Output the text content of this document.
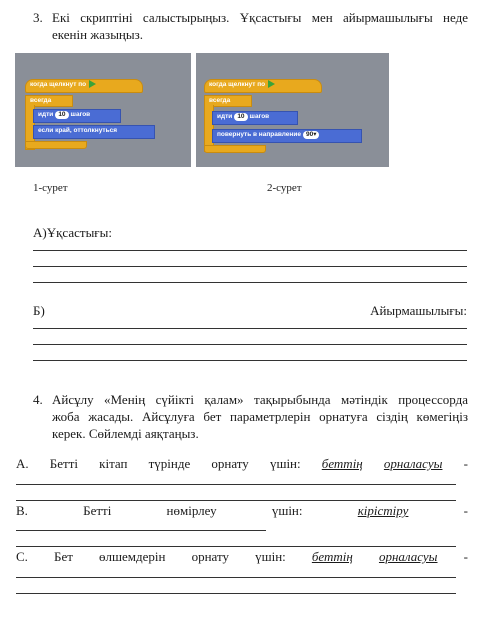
3. Екі скриптіні салыстырыңыз. Ұқсастығы мен айырмашылығы неде
екенін жазыңыз.
когда щелкнут по
всегда
идти 10 шагов
если край, оттолкнуться
когда щелкнут по
всегда
идти 10 шагов
повернуть в направление 90▾
1-сурет	2-сурет
А)Ұқсастығы:
Б)	Айырмашылығы:
4. Айсұлу «Менің сүйікті қалам» тақырыбында мәтіндік процессорда
жоба жасады. Айсұлуға бет параметрлерін орнатуға сіздің көмегіңіз
керек. Сөйлемді аяқтаңыз.
А. Бетті кітап түрінде орнату үшін: беттің орналасуы -
В.	Бетті	нөмірлеу	үшін:	кірістіру	-
С. Бет өлшемдерін орнату үшін: беттің орналасуы -
